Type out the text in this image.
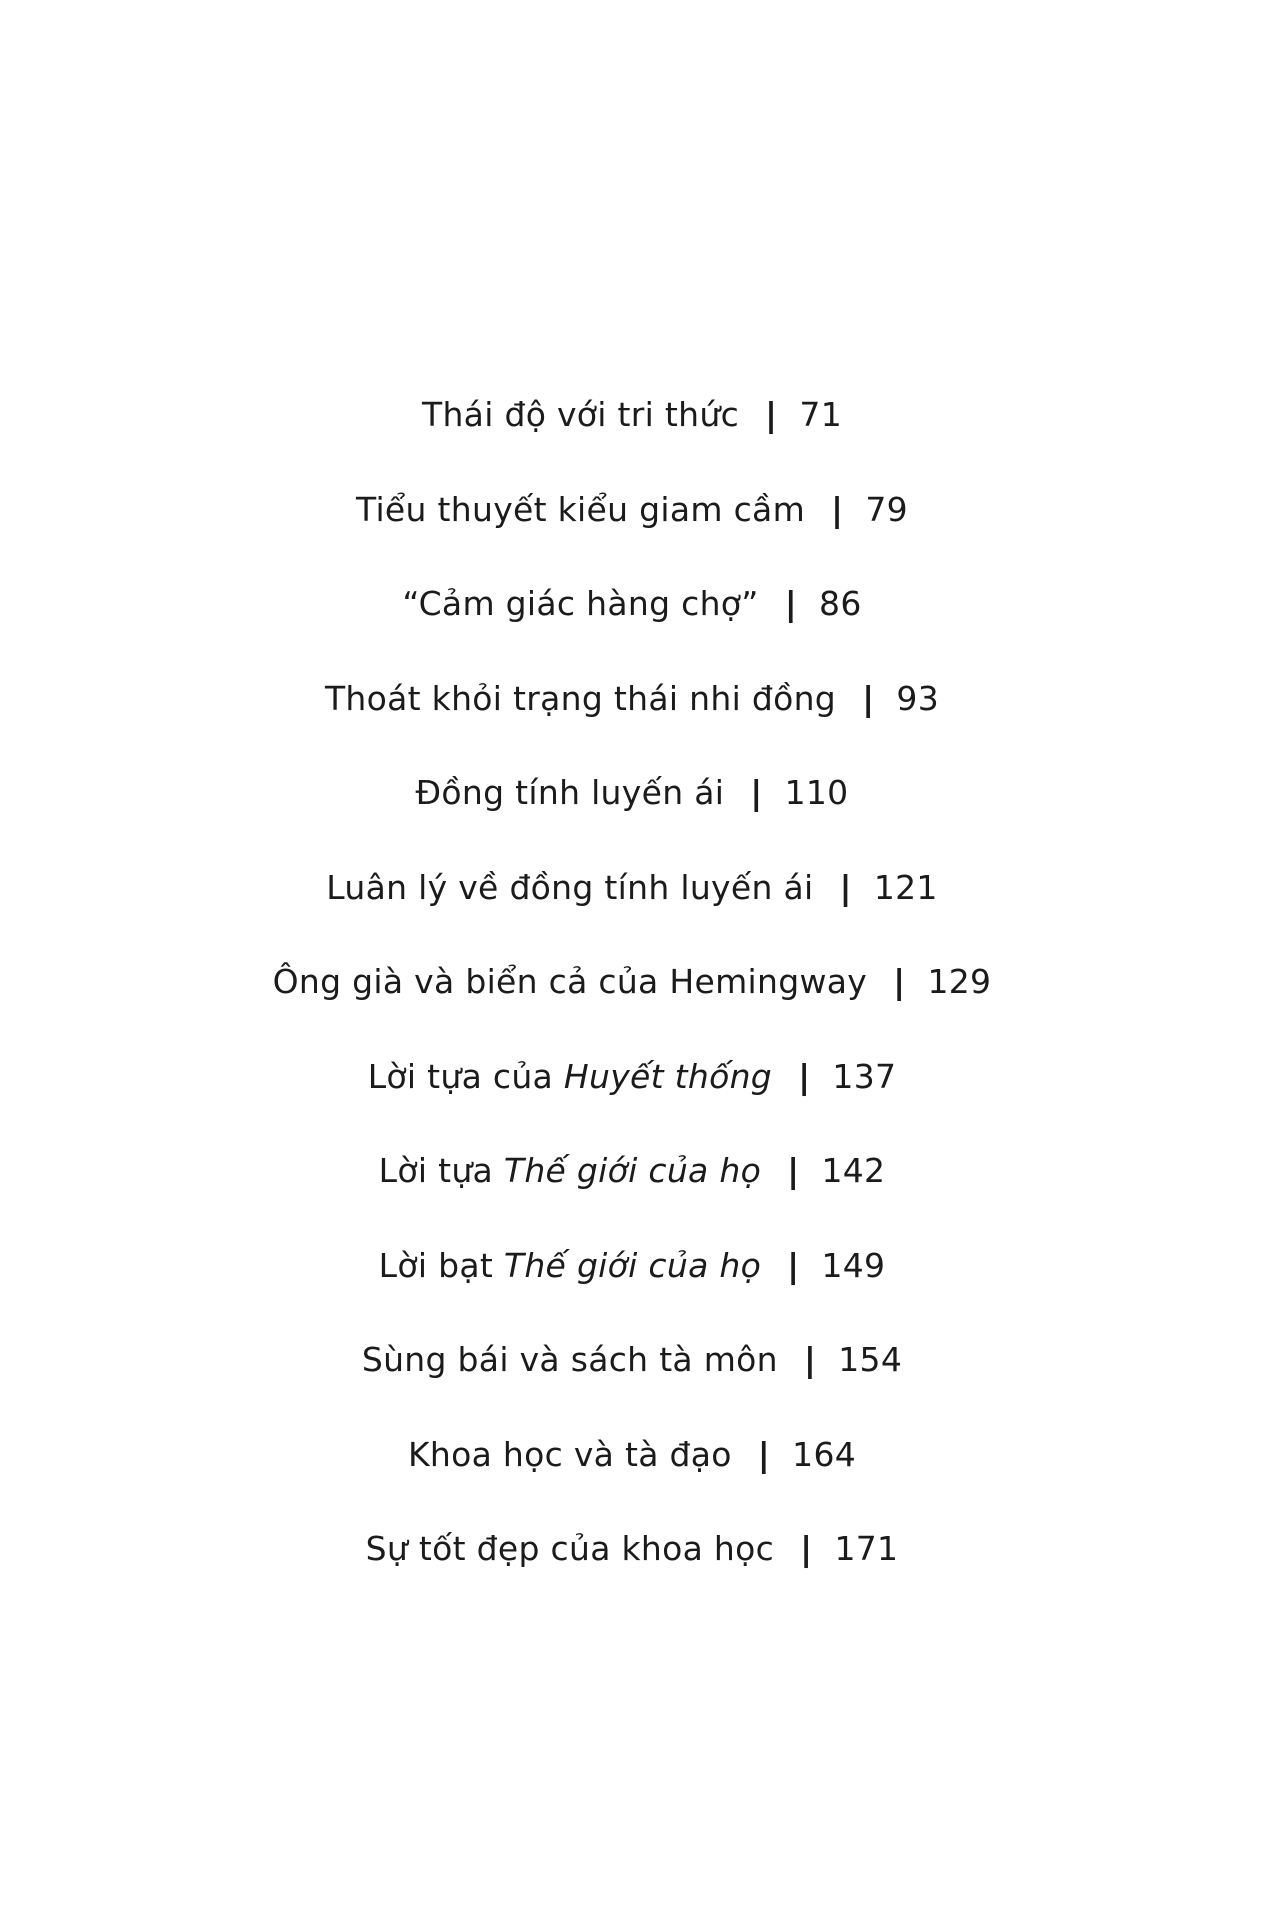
Thái độ với tri thức | 71
Tiểu thuyết kiểu giam cầm | 79
“Cảm giác hàng chợ” | 86
Thoát khỏi trạng thái nhi đồng | 93
Đồng tính luyến ái | 110
Luân lý về đồng tính luyến ái | 121
Ông già và biển cả của Hemingway | 129
Lời tựa của Huyết thống | 137
Lời tựa Thế giới của họ | 142
Lời bạt Thế giới của họ | 149
Sùng bái và sách tà môn | 154
Khoa học và tà đạo | 164
Sự tốt đẹp của khoa học | 171
